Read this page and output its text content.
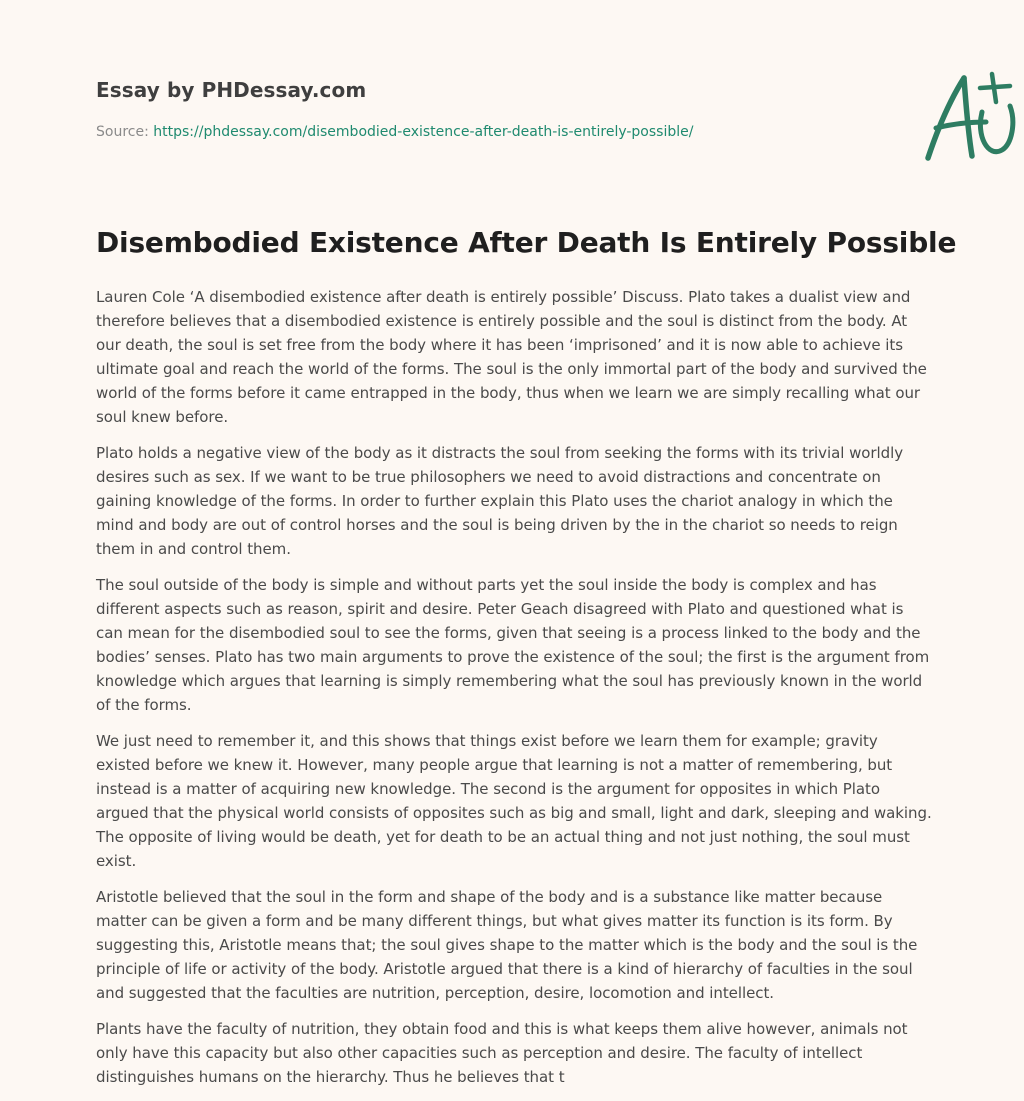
Essay by PHDessay.com
Source: https://phdessay.com/disembodied-existence-after-death-is-entirely-possible/
Disembodied Existence After Death Is Entirely Possible

Lauren Cole ‘A disembodied existence after death is entirely possible’ Discuss. Plato takes a dualist view and therefore believes that a disembodied existence is entirely possible and the soul is distinct from the body. At our death, the soul is set free from the body where it has been ‘imprisoned’ and it is now able to achieve its ultimate goal and reach the world of the forms. The soul is the only immortal part of the body and survived the world of the forms before it came entrapped in the body, thus when we learn we are simply recalling what our soul knew before.

Plato holds a negative view of the body as it distracts the soul from seeking the forms with its trivial worldly desires such as sex. If we want to be true philosophers we need to avoid distractions and concentrate on gaining knowledge of the forms. In order to further explain this Plato uses the chariot analogy in which the mind and body are out of control horses and the soul is being driven by the in the chariot so needs to reign them in and control them.

The soul outside of the body is simple and without parts yet the soul inside the body is complex and has different aspects such as reason, spirit and desire. Peter Geach disagreed with Plato and questioned what is can mean for the disembodied soul to see the forms, given that seeing is a process linked to the body and the bodies’ senses. Plato has two main arguments to prove the existence of the soul; the first is the argument from knowledge which argues that learning is simply remembering what the soul has previously known in the world of the forms.

We just need to remember it, and this shows that things exist before we learn them for example; gravity existed before we knew it. However, many people argue that learning is not a matter of remembering, but instead is a matter of acquiring new knowledge. The second is the argument for opposites in which Plato argued that the physical world consists of opposites such as big and small, light and dark, sleeping and waking. The opposite of living would be death, yet for death to be an actual thing and not just nothing, the soul must exist.

Aristotle believed that the soul in the form and shape of the body and is a substance like matter because matter can be given a form and be many different things, but what gives matter its function is its form. By suggesting this, Aristotle means that; the soul gives shape to the matter which is the body and the soul is the principle of life or activity of the body. Aristotle argued that there is a kind of hierarchy of faculties in the soul and suggested that the faculties are nutrition, perception, desire, locomotion and intellect.

Plants have the faculty of nutrition, they obtain food and this is what keeps them alive however, animals not only have this capacity but also other capacities such as perception and desire. The faculty of intellect distinguishes humans on the hierarchy. Thus he believes that t
